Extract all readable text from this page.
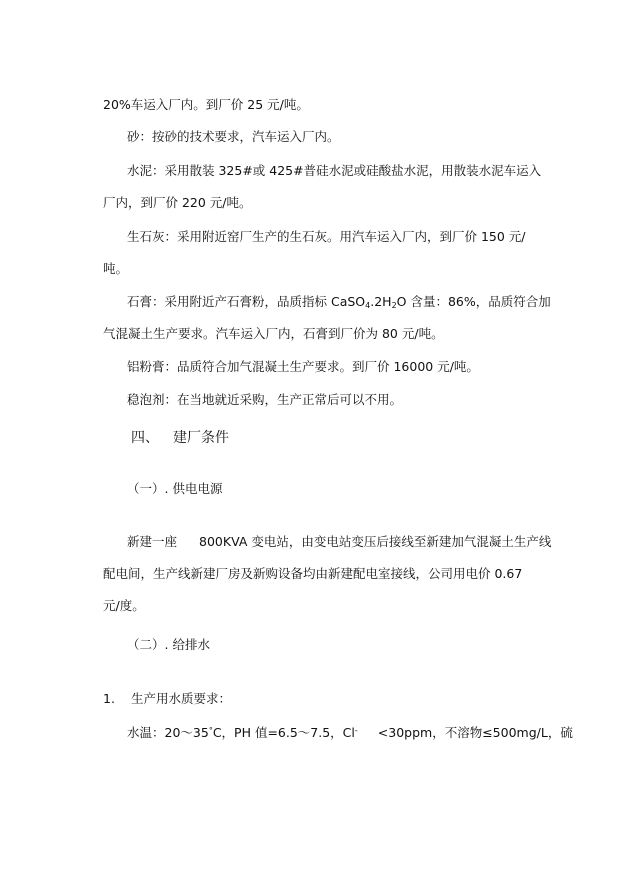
20%车运入厂内。到厂价 25 元/吨。
砂：按砂的技术要求，汽车运入厂内。
水泥：采用散装 325#或 425#普硅水泥或硅酸盐水泥，用散装水泥车运入
厂内，到厂价 220 元/吨。
生石灰：采用附近窑厂生产的生石灰。用汽车运入厂内，到厂价 150 元/
吨。
石膏：采用附近产石膏粉，品质指标 $CaSO_4.2H_2O$ 含量：86%，品质符合加
气混凝土生产要求。汽车运入厂内，石膏到厂价为 80 元/吨。
铝粉膏：品质符合加气混凝土生产要求。到厂价 16000 元/吨。
稳泡剂：在当地就近采购，生产正常后可以不用。
四、 建厂条件
（一）. 供电电源
新建一座 800KVA 变电站，由变电站变压后接线至新建加气混凝土生产线
配电间，生产线新建厂房及新购设备均由新建配电室接线，公司用电价 0.67
元/度。
（二）. 给排水
1. 生产用水质要求：
水温：20～35°C，PH 值=6.5～7.5，Cl- <30ppm，不溶物≤500mg/L，硫
